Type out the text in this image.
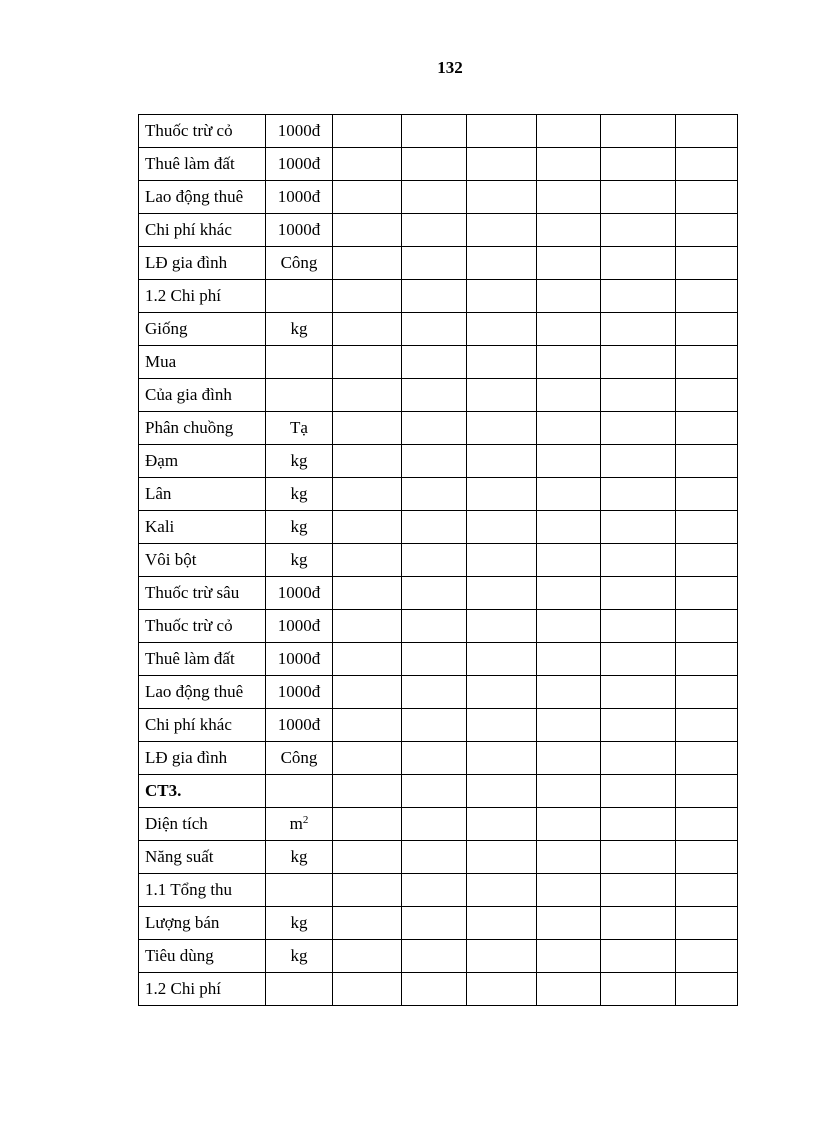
132
Thuốc trừ cỏ	1000đ						
Thuê làm đất	1000đ						
Lao động thuê	1000đ						
Chi phí khác	1000đ						
LĐ gia đình	Công						
1.2 Chi phí							
Giống	kg						
Mua							
Của gia đình							
Phân chuồng	Tạ						
Đạm	kg						
Lân	kg						
Kali	kg						
Vôi bột	kg						
Thuốc trừ sâu	1000đ						
Thuốc trừ cỏ	1000đ						
Thuê làm đất	1000đ						
Lao động thuê	1000đ						
Chi phí khác	1000đ						
LĐ gia đình	Công						
CT3.							
Diện tích	$m^2$						
Năng suất	kg						
1.1 Tổng thu							
Lượng bán	kg						
Tiêu dùng	kg						
1.2 Chi phí							
